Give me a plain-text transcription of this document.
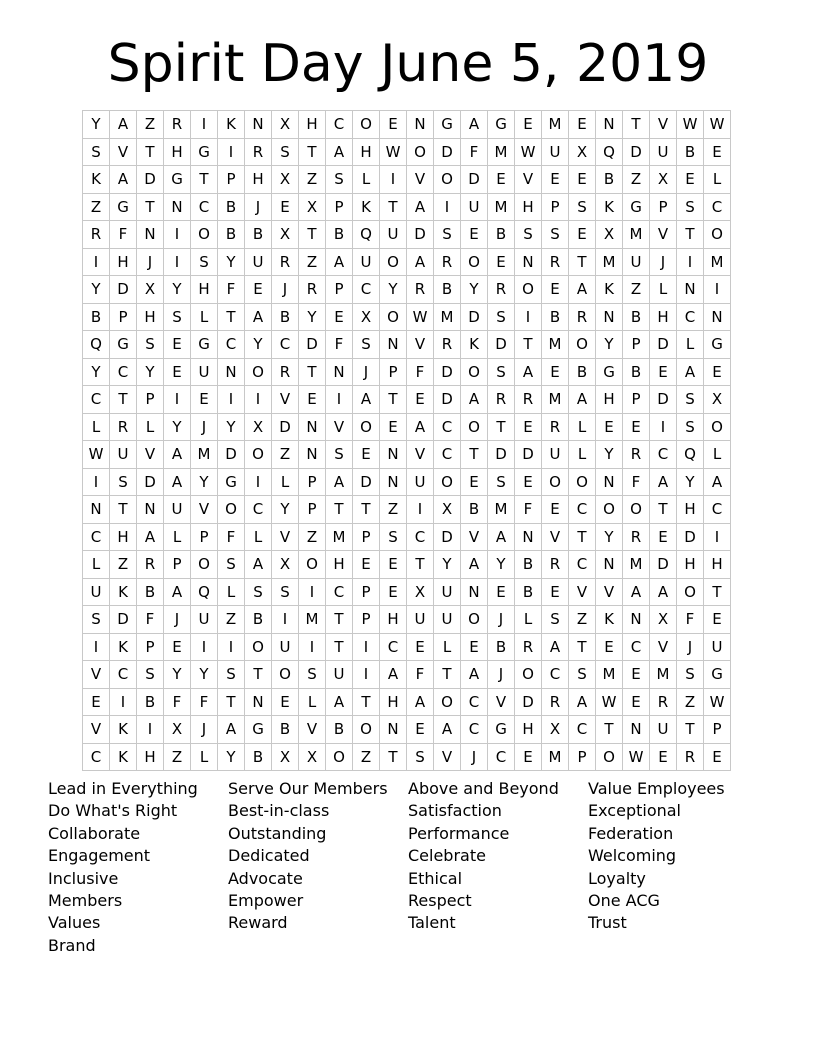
Spirit Day June 5, 2019
Y	A	Z	R	I	K	N	X	H	C	O	E	N	G	A	G	E	M	E	N	T	V	W	W
S	V	T	H	G	I	R	S	T	A	H	W	O	D	F	M	W	U	X	Q	D	U	B	E
K	A	D	G	T	P	H	X	Z	S	L	I	V	O	D	E	V	E	E	B	Z	X	E	L
Z	G	T	N	C	B	J	E	X	P	K	T	A	I	U	M	H	P	S	K	G	P	S	C
R	F	N	I	O	B	B	X	T	B	Q	U	D	S	E	B	S	S	E	X	M	V	T	O
I	H	J	I	S	Y	U	R	Z	A	U	O	A	R	O	E	N	R	T	M	U	J	I	M
Y	D	X	Y	H	F	E	J	R	P	C	Y	R	B	Y	R	O	E	A	K	Z	L	N	I
B	P	H	S	L	T	A	B	Y	E	X	O	W	M	D	S	I	B	R	N	B	H	C	N
Q	G	S	E	G	C	Y	C	D	F	S	N	V	R	K	D	T	M	O	Y	P	D	L	G
Y	C	Y	E	U	N	O	R	T	N	J	P	F	D	O	S	A	E	B	G	B	E	A	E
C	T	P	I	E	I	I	V	E	I	A	T	E	D	A	R	R	M	A	H	P	D	S	X
L	R	L	Y	J	Y	X	D	N	V	O	E	A	C	O	T	E	R	L	E	E	I	S	O
W	U	V	A	M	D	O	Z	N	S	E	N	V	C	T	D	D	U	L	Y	R	C	Q	L
I	S	D	A	Y	G	I	L	P	A	D	N	U	O	E	S	E	O	O	N	F	A	Y	A
N	T	N	U	V	O	C	Y	P	T	T	Z	I	X	B	M	F	E	C	O	O	T	H	C
C	H	A	L	P	F	L	V	Z	M	P	S	C	D	V	A	N	V	T	Y	R	E	D	I
L	Z	R	P	O	S	A	X	O	H	E	E	T	Y	A	Y	B	R	C	N	M	D	H	H
U	K	B	A	Q	L	S	S	I	C	P	E	X	U	N	E	B	E	V	V	A	A	O	T
S	D	F	J	U	Z	B	I	M	T	P	H	U	U	O	J	L	S	Z	K	N	X	F	E
I	K	P	E	I	I	O	U	I	T	I	C	E	L	E	B	R	A	T	E	C	V	J	U
V	C	S	Y	Y	S	T	O	S	U	I	A	F	T	A	J	O	C	S	M	E	M	S	G
E	I	B	F	F	T	N	E	L	A	T	H	A	O	C	V	D	R	A	W	E	R	Z	W
V	K	I	X	J	A	G	B	V	B	O	N	E	A	C	G	H	X	C	T	N	U	T	P
C	K	H	Z	L	Y	B	X	X	O	Z	T	S	V	J	C	E	M	P	O	W	E	R	E
Lead in Everything
Do What's Right
Collaborate
Engagement
Inclusive
Members
Values
Brand
Serve Our Members
Best-in-class
Outstanding
Dedicated
Advocate
Empower
Reward
Above and Beyond
Satisfaction
Performance
Celebrate
Ethical
Respect
Talent
Value Employees
Exceptional
Federation
Welcoming
Loyalty
One ACG
Trust
